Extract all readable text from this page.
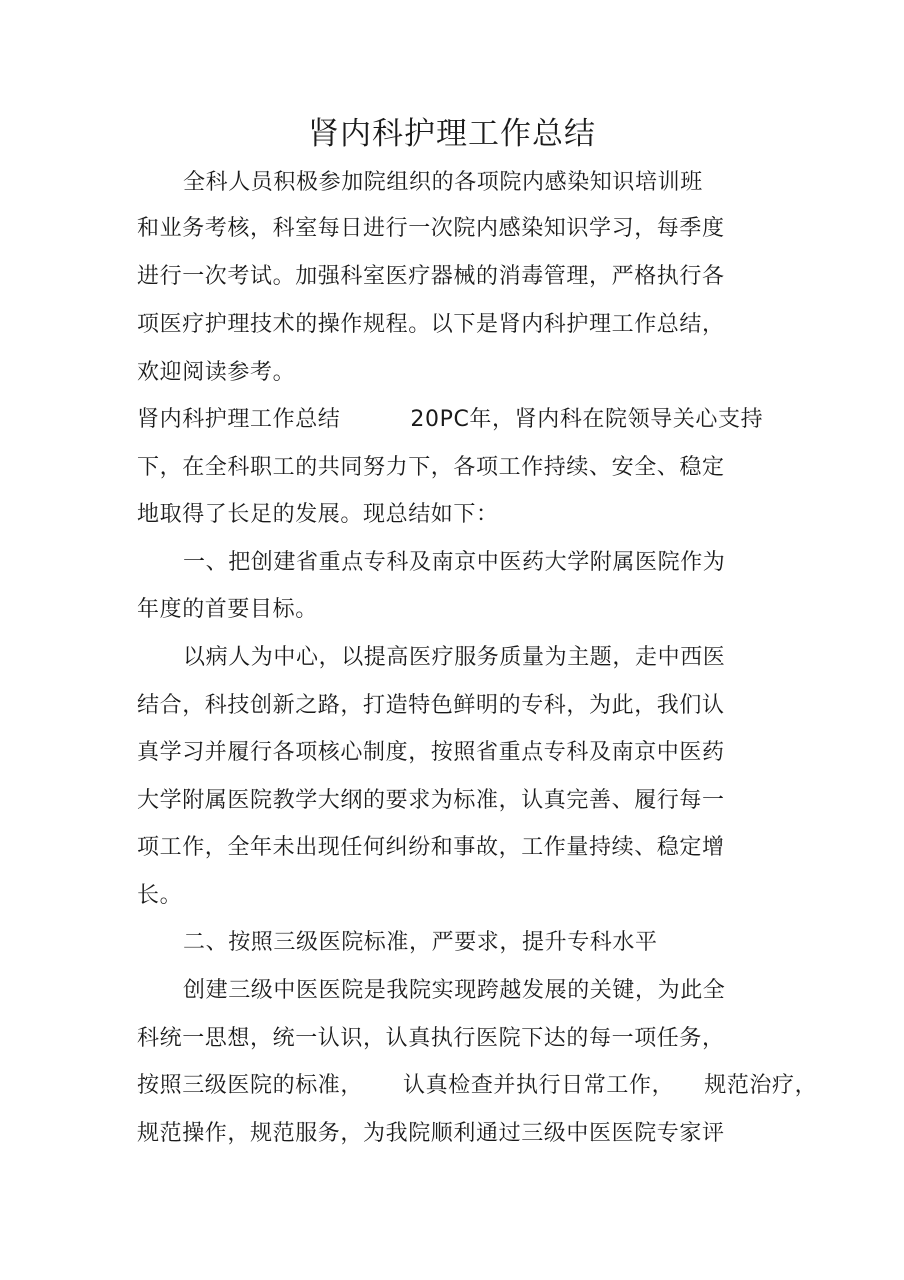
肾内科护理工作总结

全科人员积极参加院组织的各项院内感染知识培训班

和业务考核，科室每日进行一次院内感染知识学习，每季度

进行一次考试。加强科室医疗器械的消毒管理，严格执行各

项医疗护理技术的操作规程。以下是肾内科护理工作总结，

欢迎阅读参考。

肾内科护理工作总结	20PC年，肾内科在院领导关心支持

下，在全科职工的共同努力下，各项工作持续、安全、稳定

地取得了长足的发展。现总结如下：

一、把创建省重点专科及南京中医药大学附属医院作为

年度的首要目标。

以病人为中心，以提高医疗服务质量为主题，走中西医

结合，科技创新之路，打造特色鲜明的专科，为此，我们认

真学习并履行各项核心制度，按照省重点专科及南京中医药

大学附属医院教学大纲的要求为标准，认真完善、履行每一

项工作，全年未出现任何纠纷和事故，工作量持续、稳定增

长。

二、按照三级医院标准，严要求，提升专科水平

创建三级中医医院是我院实现跨越发展的关键，为此全

科统一思想，统一认识，认真执行医院下达的每一项任务，

按照三级医院的标准， 认真检查并执行日常工作， 规范治疗，

规范操作，规范服务，为我院顺利通过三级中医医院专家评
